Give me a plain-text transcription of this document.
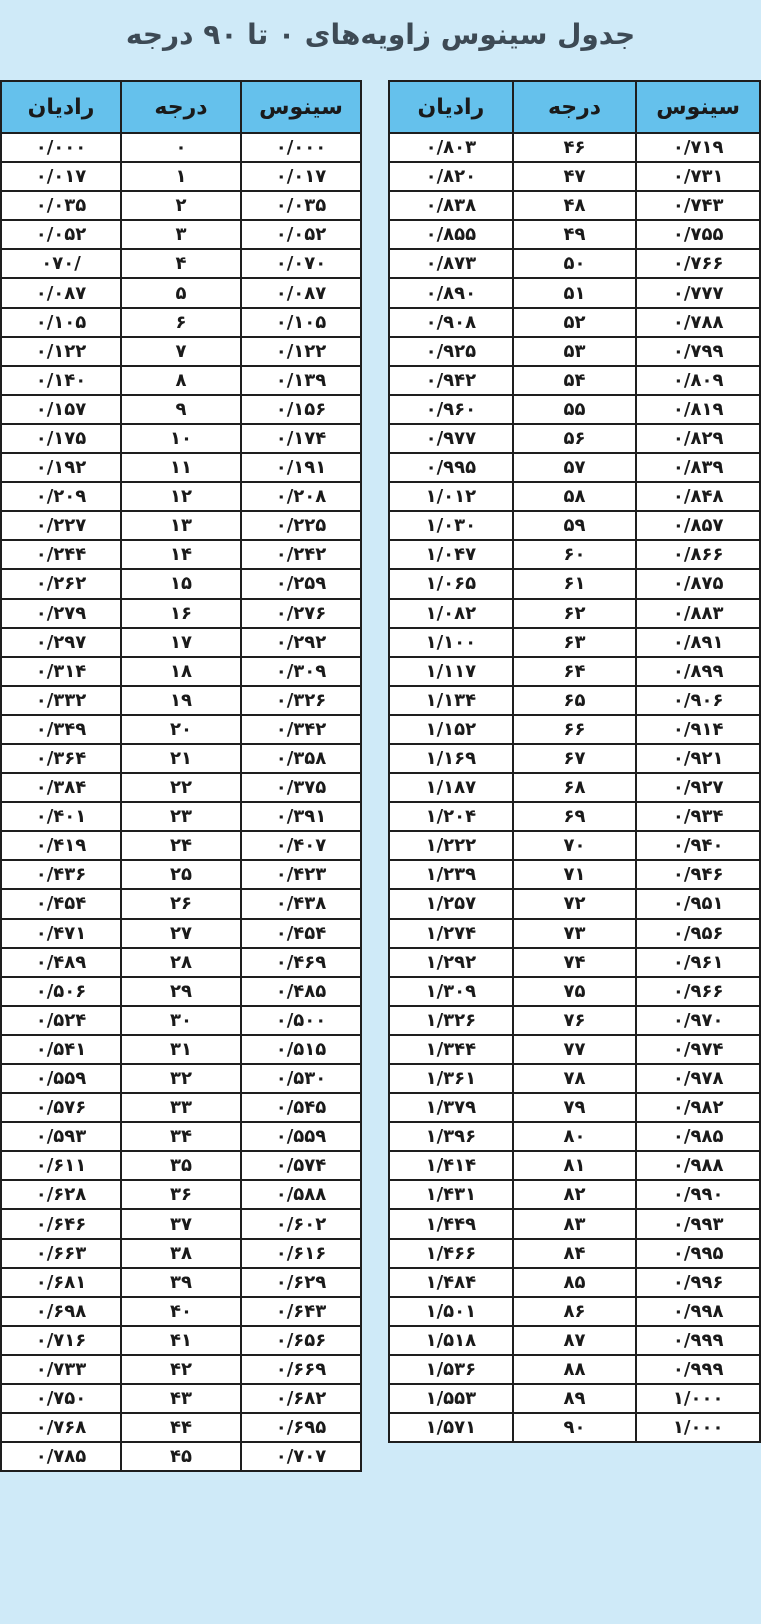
جدول سینوس زاویه‌های ۰ تا ۹۰ درجه
سینوس	درجه	رادیان
۰/۷۱۹	۴۶	۰/۸۰۳
۰/۷۳۱	۴۷	۰/۸۲۰
۰/۷۴۳	۴۸	۰/۸۳۸
۰/۷۵۵	۴۹	۰/۸۵۵
۰/۷۶۶	۵۰	۰/۸۷۳
۰/۷۷۷	۵۱	۰/۸۹۰
۰/۷۸۸	۵۲	۰/۹۰۸
۰/۷۹۹	۵۳	۰/۹۲۵
۰/۸۰۹	۵۴	۰/۹۴۲
۰/۸۱۹	۵۵	۰/۹۶۰
۰/۸۲۹	۵۶	۰/۹۷۷
۰/۸۳۹	۵۷	۰/۹۹۵
۰/۸۴۸	۵۸	۱/۰۱۲
۰/۸۵۷	۵۹	۱/۰۳۰
۰/۸۶۶	۶۰	۱/۰۴۷
۰/۸۷۵	۶۱	۱/۰۶۵
۰/۸۸۳	۶۲	۱/۰۸۲
۰/۸۹۱	۶۳	۱/۱۰۰
۰/۸۹۹	۶۴	۱/۱۱۷
۰/۹۰۶	۶۵	۱/۱۳۴
۰/۹۱۴	۶۶	۱/۱۵۲
۰/۹۲۱	۶۷	۱/۱۶۹
۰/۹۲۷	۶۸	۱/۱۸۷
۰/۹۳۴	۶۹	۱/۲۰۴
۰/۹۴۰	۷۰	۱/۲۲۲
۰/۹۴۶	۷۱	۱/۲۳۹
۰/۹۵۱	۷۲	۱/۲۵۷
۰/۹۵۶	۷۳	۱/۲۷۴
۰/۹۶۱	۷۴	۱/۲۹۲
۰/۹۶۶	۷۵	۱/۳۰۹
۰/۹۷۰	۷۶	۱/۳۲۶
۰/۹۷۴	۷۷	۱/۳۴۴
۰/۹۷۸	۷۸	۱/۳۶۱
۰/۹۸۲	۷۹	۱/۳۷۹
۰/۹۸۵	۸۰	۱/۳۹۶
۰/۹۸۸	۸۱	۱/۴۱۴
۰/۹۹۰	۸۲	۱/۴۳۱
۰/۹۹۳	۸۳	۱/۴۴۹
۰/۹۹۵	۸۴	۱/۴۶۶
۰/۹۹۶	۸۵	۱/۴۸۴
۰/۹۹۸	۸۶	۱/۵۰۱
۰/۹۹۹	۸۷	۱/۵۱۸
۰/۹۹۹	۸۸	۱/۵۳۶
۱/۰۰۰	۸۹	۱/۵۵۳
۱/۰۰۰	۹۰	۱/۵۷۱
سینوس	درجه	رادیان
۰/۰۰۰	۰	۰/۰۰۰
۰/۰۱۷	۱	۰/۰۱۷
۰/۰۳۵	۲	۰/۰۳۵
۰/۰۵۲	۳	۰/۰۵۲
۰/۰۷۰	۴	/۰۷۰
۰/۰۸۷	۵	۰/۰۸۷
۰/۱۰۵	۶	۰/۱۰۵
۰/۱۲۲	۷	۰/۱۲۲
۰/۱۳۹	۸	۰/۱۴۰
۰/۱۵۶	۹	۰/۱۵۷
۰/۱۷۴	۱۰	۰/۱۷۵
۰/۱۹۱	۱۱	۰/۱۹۲
۰/۲۰۸	۱۲	۰/۲۰۹
۰/۲۲۵	۱۳	۰/۲۲۷
۰/۲۴۲	۱۴	۰/۲۴۴
۰/۲۵۹	۱۵	۰/۲۶۲
۰/۲۷۶	۱۶	۰/۲۷۹
۰/۲۹۲	۱۷	۰/۲۹۷
۰/۳۰۹	۱۸	۰/۳۱۴
۰/۳۲۶	۱۹	۰/۳۳۲
۰/۳۴۲	۲۰	۰/۳۴۹
۰/۳۵۸	۲۱	۰/۳۶۴
۰/۳۷۵	۲۲	۰/۳۸۴
۰/۳۹۱	۲۳	۰/۴۰۱
۰/۴۰۷	۲۴	۰/۴۱۹
۰/۴۲۳	۲۵	۰/۴۳۶
۰/۴۳۸	۲۶	۰/۴۵۴
۰/۴۵۴	۲۷	۰/۴۷۱
۰/۴۶۹	۲۸	۰/۴۸۹
۰/۴۸۵	۲۹	۰/۵۰۶
۰/۵۰۰	۳۰	۰/۵۲۴
۰/۵۱۵	۳۱	۰/۵۴۱
۰/۵۳۰	۳۲	۰/۵۵۹
۰/۵۴۵	۳۳	۰/۵۷۶
۰/۵۵۹	۳۴	۰/۵۹۳
۰/۵۷۴	۳۵	۰/۶۱۱
۰/۵۸۸	۳۶	۰/۶۲۸
۰/۶۰۲	۳۷	۰/۶۴۶
۰/۶۱۶	۳۸	۰/۶۶۳
۰/۶۲۹	۳۹	۰/۶۸۱
۰/۶۴۳	۴۰	۰/۶۹۸
۰/۶۵۶	۴۱	۰/۷۱۶
۰/۶۶۹	۴۲	۰/۷۳۳
۰/۶۸۲	۴۳	۰/۷۵۰
۰/۶۹۵	۴۴	۰/۷۶۸
۰/۷۰۷	۴۵	۰/۷۸۵
